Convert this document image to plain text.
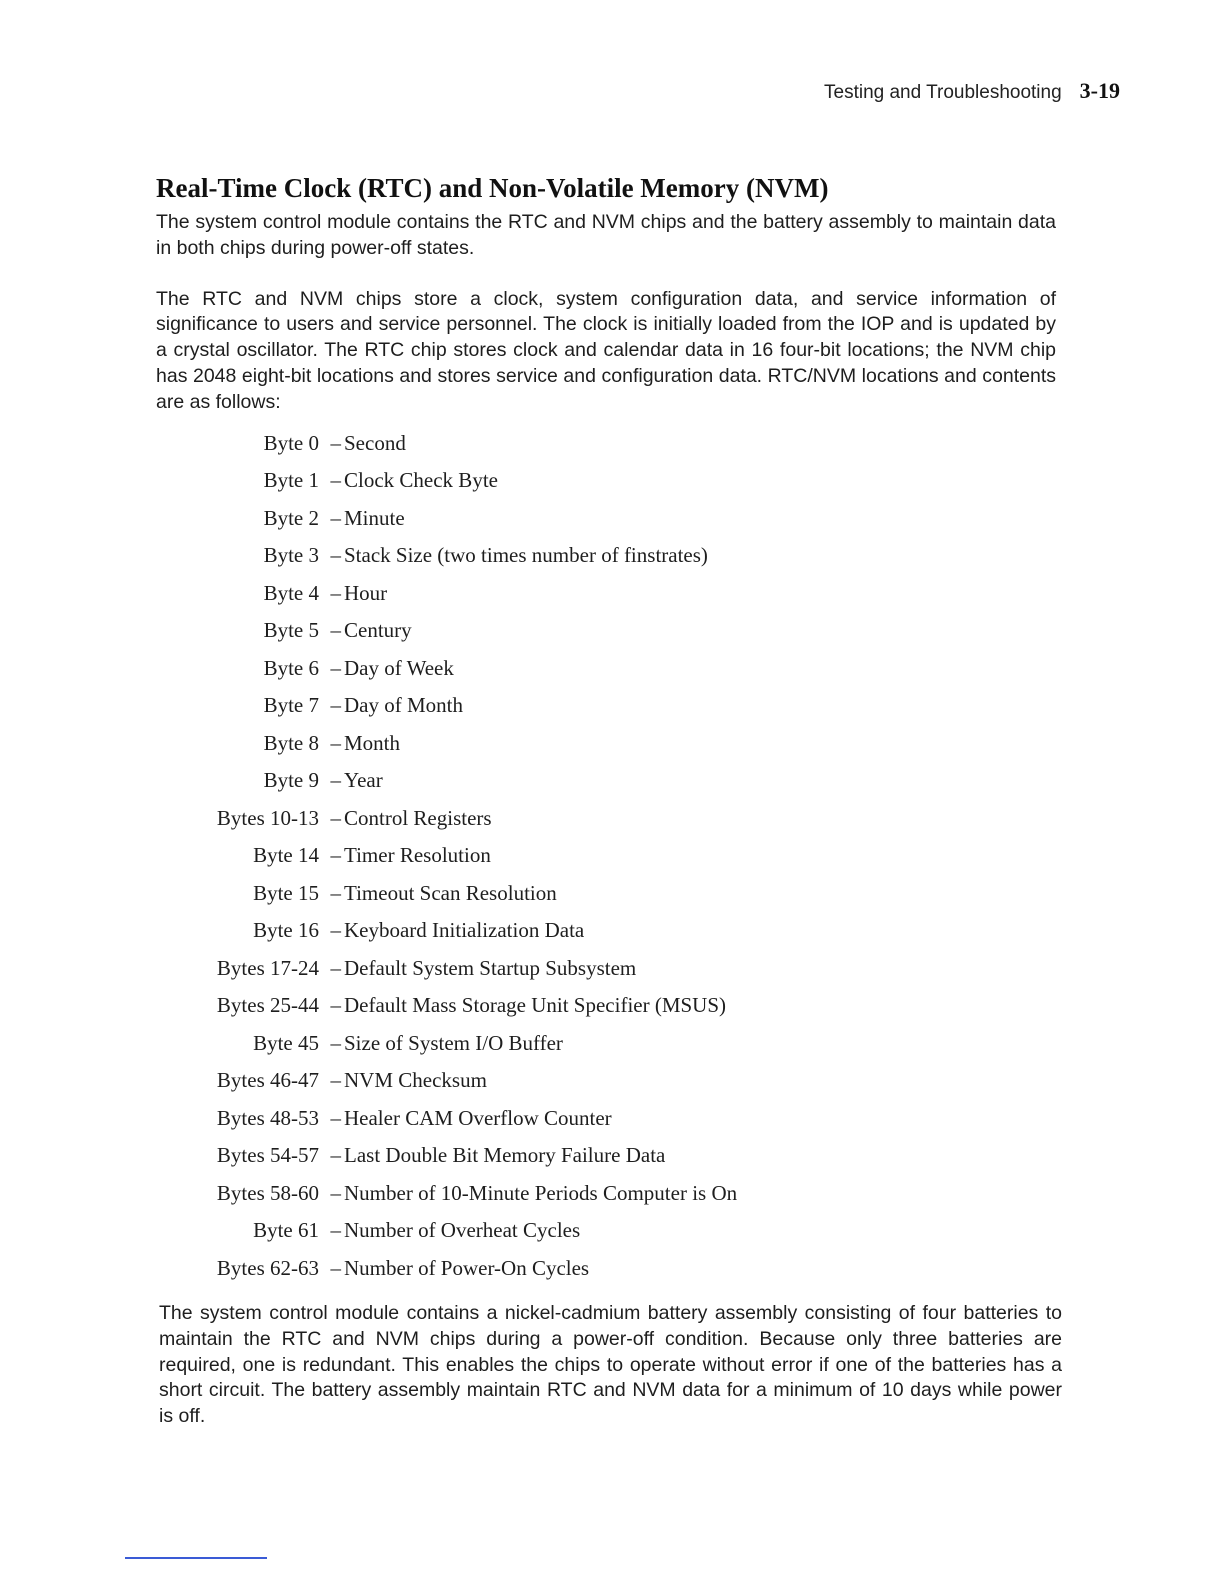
Testing and Troubleshooting 3-19
Real-Time Clock (RTC) and Non-Volatile Memory (NVM)

The system control module contains the RTC and NVM chips and the battery assembly to maintain data in both chips during power-off states.

The RTC and NVM chips store a clock, system configuration data, and service information of significance to users and service personnel. The clock is initially loaded from the IOP and is updated by a crystal oscillator. The RTC chip stores clock and calendar data in 16 four-bit locations; the NVM chip has 2048 eight-bit locations and stores service and configuration data. RTC/NVM locations and contents are as follows:

Byte 0 – Second
Byte 1 – Clock Check Byte
Byte 2 – Minute
Byte 3 – Stack Size (two times number of finstrates)
Byte 4 – Hour
Byte 5 – Century
Byte 6 – Day of Week
Byte 7 – Day of Month
Byte 8 – Month
Byte 9 – Year
Bytes 10-13 – Control Registers
Byte 14 – Timer Resolution
Byte 15 – Timeout Scan Resolution
Byte 16 – Keyboard Initialization Data
Bytes 17-24 – Default System Startup Subsystem
Bytes 25-44 – Default Mass Storage Unit Specifier (MSUS)
Byte 45 – Size of System I/O Buffer
Bytes 46-47 – NVM Checksum
Bytes 48-53 – Healer CAM Overflow Counter
Bytes 54-57 – Last Double Bit Memory Failure Data
Bytes 58-60 – Number of 10-Minute Periods Computer is On
Byte 61 – Number of Overheat Cycles
Bytes 62-63 – Number of Power-On Cycles

The system control module contains a nickel-cadmium battery assembly consisting of four batteries to maintain the RTC and NVM chips during a power-off condition. Because only three batteries are required, one is redundant. This enables the chips to operate without error if one of the batteries has a short circuit. The battery assembly maintain RTC and NVM data for a minimum of 10 days while power is off.
